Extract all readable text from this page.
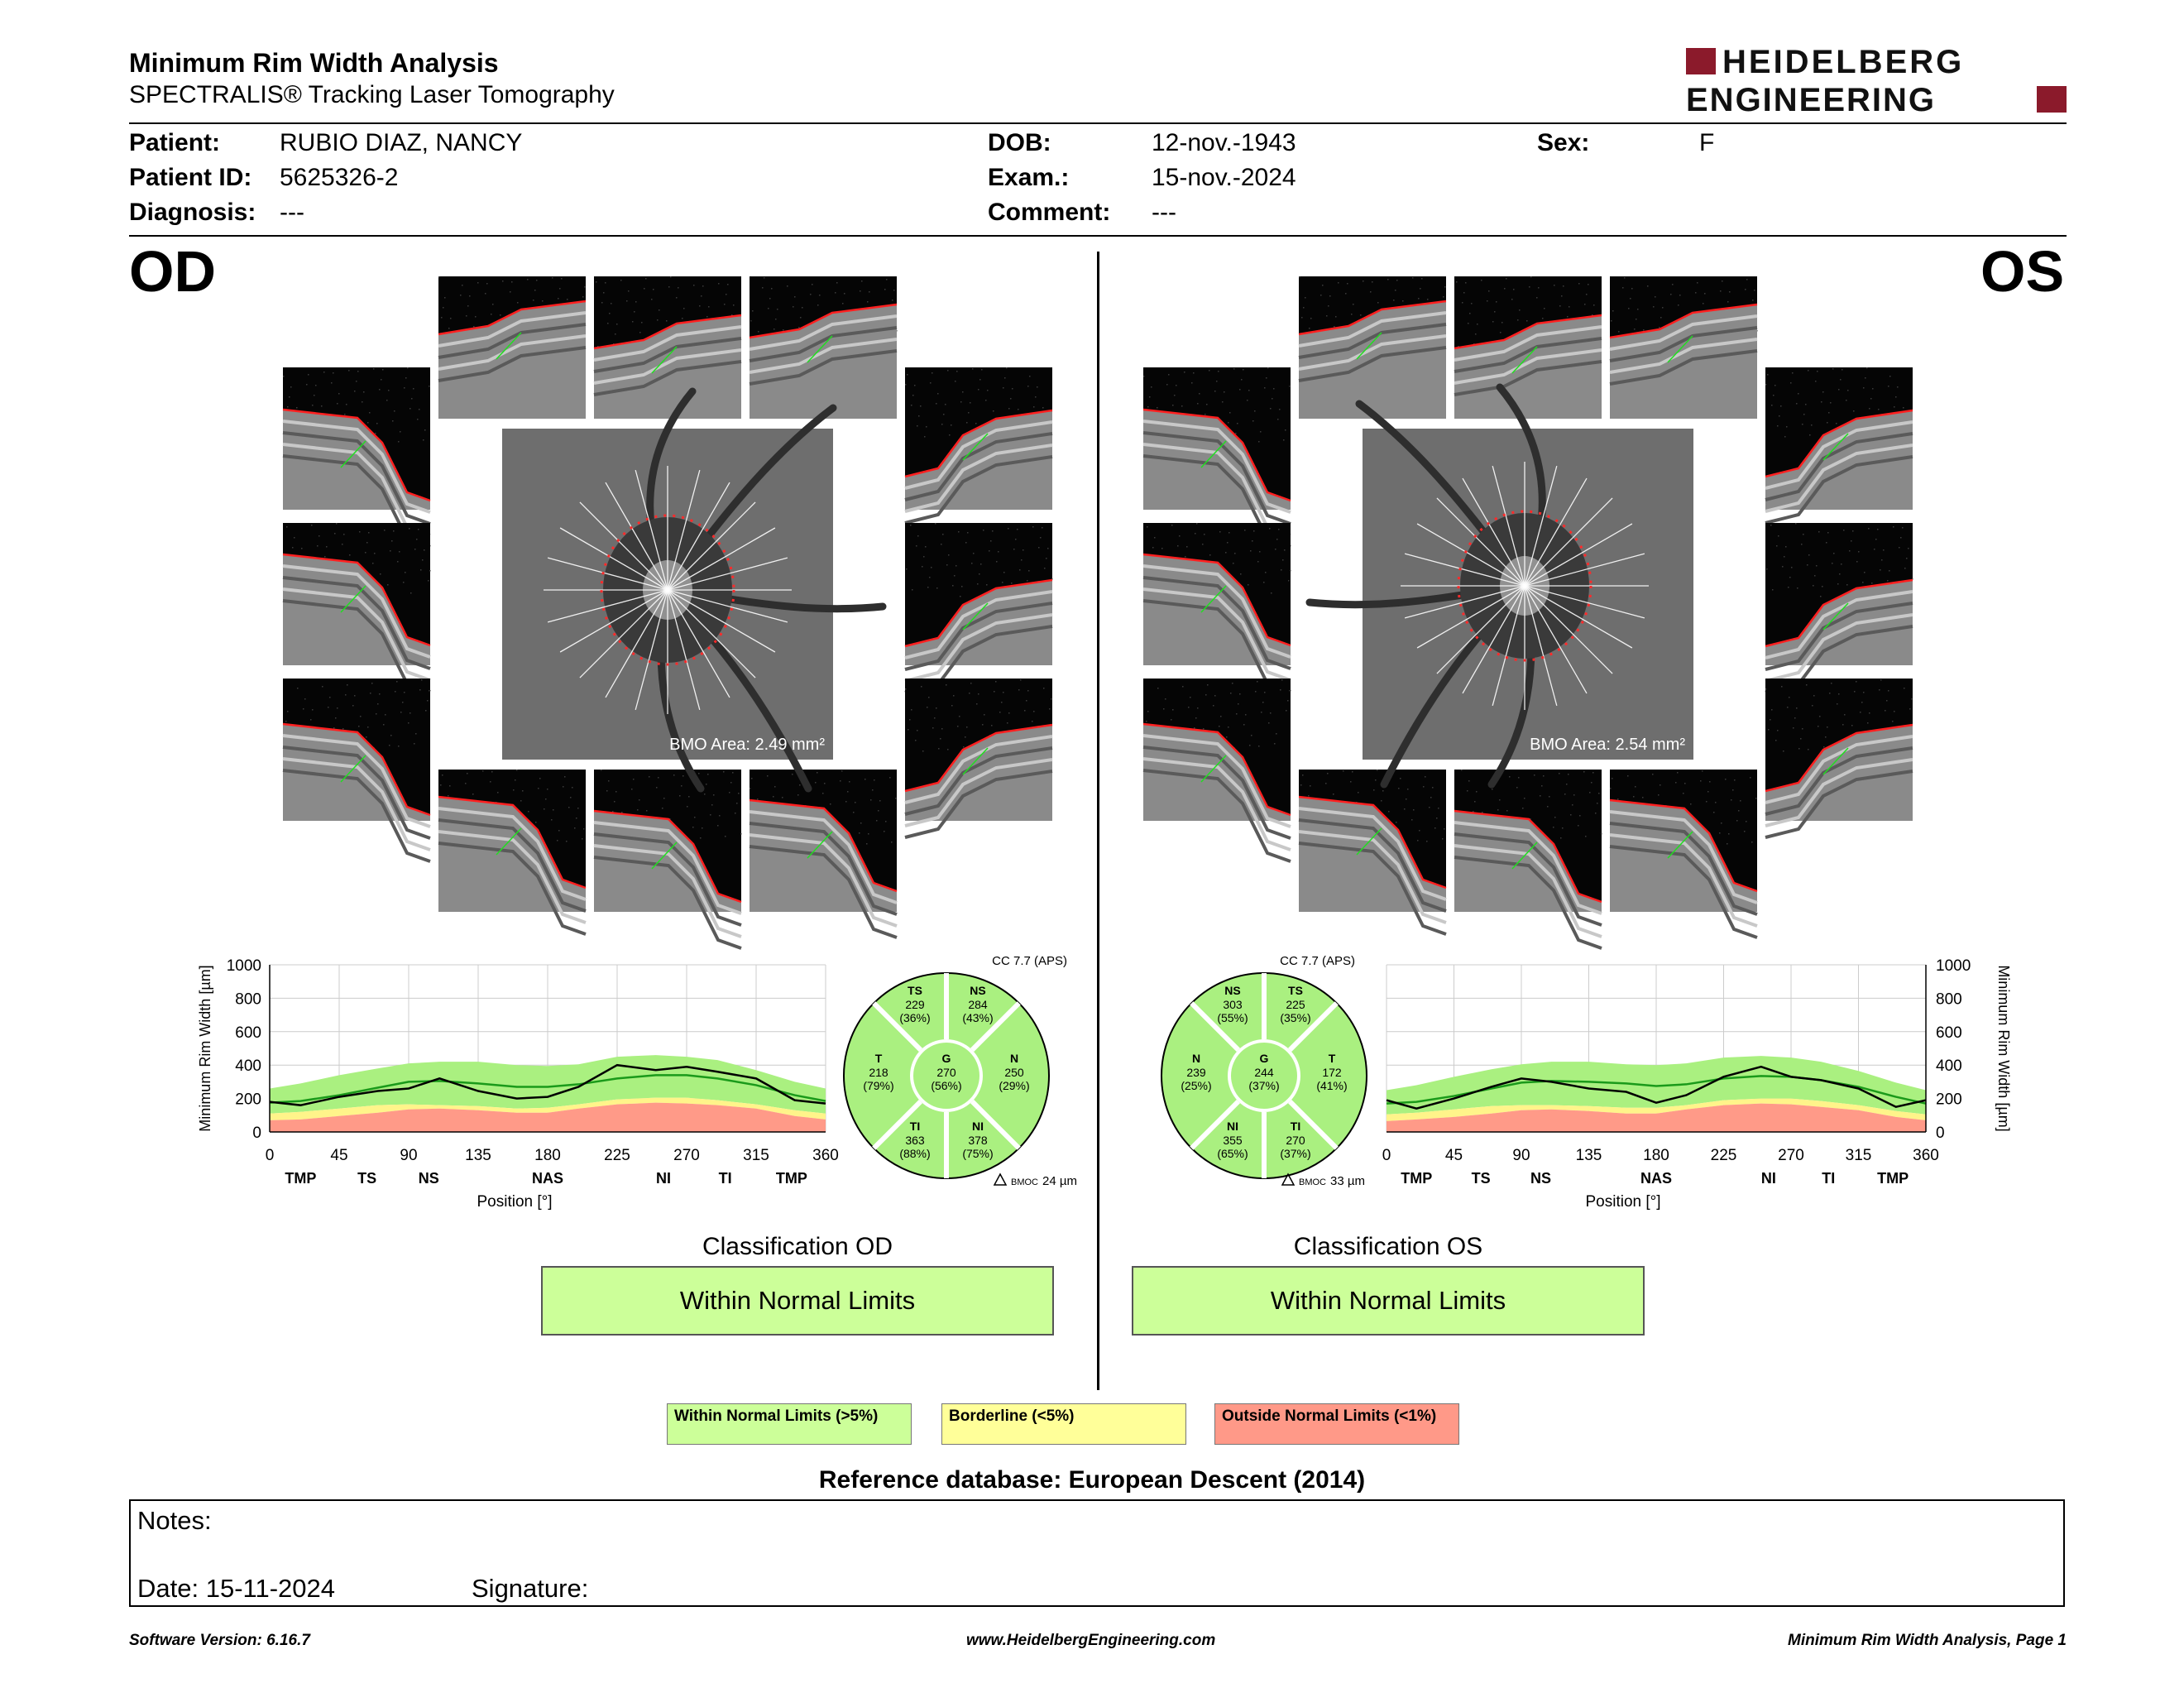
Minimum Rim Width Analysis
SPECTRALIS® Tracking Laser Tomography
HEIDELBERG
ENGINEERING
Patient: RUBIO DIAZ, NANCY
Patient ID: 5625326-2
Diagnosis: ---
DOB:	12-nov.-1943
Exam.:	15-nov.-2024
Comment: ---
Sex:	F
OD	OS
BMO Area: 2.49 mm²	BMO Area: 2.54 mm²
0
200
400
600
800
1000
0	45	90	135	180	225	270	315	360
TMP	TS	NS	NAS	NI	TI	TMP
Position [°]
Minimum Rim Width [µm]
0
200
400
600
800
1000
0	45	90	135	180	225	270	315	360
TMP	TS	NS	NAS	NI	TI	TMP
Position [°]
Minimum Rim Width [µm]
TS
229
(36%)
NS
284
(43%)
T
218
(79%)
G
270
(56%)
N
250
(29%)
TI
363
(88%)
NI
378
(75%)
CC 7.7 (APS)
BMOC 24 µm
NS
303
(55%)
TS
225
(35%)
N
239
(25%)
G
244
(37%)
T
172
(41%)
NI
355
(65%)
TI
270
(37%)
CC 7.7 (APS)
BMOC 33 µm
Classification OD
Within Normal Limits
Classification OS
Within Normal Limits
Within Normal Limits (>5%)	Borderline (<5%)	Outside Normal Limits (<1%)
Reference database: European Descent (2014)
Notes:
Date: 15-11-2024	Signature:
Software Version: 6.16.7	www.HeidelbergEngineering.com	Minimum Rim Width Analysis, Page 1
